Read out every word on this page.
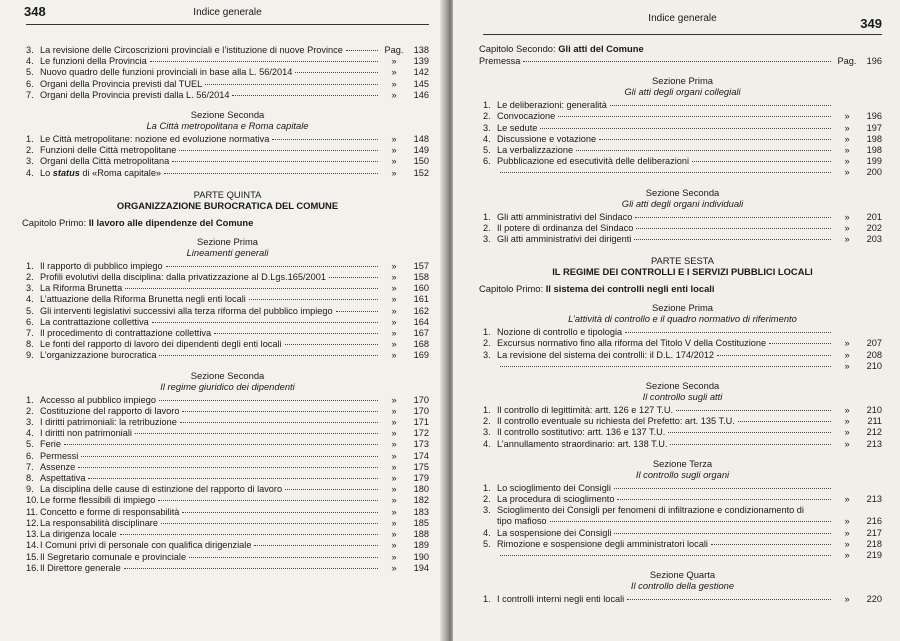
348	Indice generale
3. La revisione delle Circoscrizioni provinciali e l’istituzione di nuove Province	Pag.	138
4. Le funzioni della Provincia	»	139
5. Nuovo quadro delle funzioni provinciali in base alla L. 56/2014	»	142
6. Organi della Provincia previsti dal TUEL	»	145
7. Organi della Provincia previsti dalla L. 56/2014	»	146
Sezione Seconda
La Città metropolitana e Roma capitale
1. Le Città metropolitane: nozione ed evoluzione normativa	»	148
2. Funzioni delle Città metropolitane	»	149
3. Organi della Città metropolitana	»	150
4. Lo status di «Roma capitale»	»	152
PARTE QUINTA
ORGANIZZAZIONE BUROCRATICA DEL COMUNE
Capitolo Primo: Il lavoro alle dipendenze del Comune
Sezione Prima
Lineamenti generali
1. Il rapporto di pubblico impiego	»	157
2. Profili evolutivi della disciplina: dalla privatizzazione al D.Lgs.165/2001	»	158
3. La Riforma Brunetta	»	160
4. L’attuazione della Riforma Brunetta negli enti locali	»	161
5. Gli interventi legislativi successivi alla terza riforma del pubblico impiego	»	162
6. La contrattazione collettiva	»	164
7. Il procedimento di contrattazione collettiva	»	167
8. Le fonti del rapporto di lavoro dei dipendenti degli enti locali	»	168
9. L’organizzazione burocratica	»	169
Sezione Seconda
Il regime giuridico dei dipendenti
1. Accesso al pubblico impiego	»	170
2. Costituzione del rapporto di lavoro	»	170
3. I diritti patrimoniali: la retribuzione	»	171
4. I diritti non patrimoniali	»	172
5. Ferie	»	173
6. Permessi	»	174
7. Assenze	»	175
8. Aspettativa	»	179
9. La disciplina delle cause di estinzione del rapporto di lavoro	»	180
10. Le forme flessibili di impiego	»	182
11. Concetto e forme di responsabilità	»	183
12. La responsabilità disciplinare	»	185
13. La dirigenza locale	»	188
14. I Comuni privi di personale con qualifica dirigenziale	»	189
15. Il Segretario comunale e provinciale	»	190
16. Il Direttore generale	»	194
Indice generale	349
Capitolo Secondo: Gli atti del Comune
Premessa	Pag.	196
Sezione Prima
Gli atti degli organi collegiali
1. Le deliberazioni: generalità
2. Convocazione	»	196
3. Le sedute	»	197
4. Discussione e votazione	»	198
5. La verbalizzazione	»	198
6. Pubblicazione ed esecutività delle deliberazioni	»	199
»	200
Sezione Seconda
Gli atti degli organi individuali
1. Gli atti amministrativi del Sindaco	»	201
2. Il potere di ordinanza del Sindaco	»	202
3. Gli atti amministrativi dei dirigenti	»	203
PARTE SESTA
IL REGIME DEI CONTROLLI E I SERVIZI PUBBLICI LOCALI
Capitolo Primo: Il sistema dei controlli negli enti locali
Sezione Prima
L’attività di controllo e il quadro normativo di riferimento
1. Nozione di controllo e tipologia
2. Excursus normativo fino alla riforma del Titolo V della Costituzione	»	207
3. La revisione del sistema dei controlli: il D.L. 174/2012	»	208
»	210
Sezione Seconda
Il controllo sugli atti
1. Il controllo di legittimità: artt. 126 e 127 T.U.	»	210
2. Il controllo eventuale su richiesta del Prefetto: art. 135 T.U.	»	211
3. Il controllo sostitutivo: artt. 136 e 137 T.U.	»	212
4. L’annullamento straordinario: art. 138 T.U.	»	213
Sezione Terza
Il controllo sugli organi
1. Lo scioglimento dei Consigli
2. La procedura di scioglimento	»	213
3. Scioglimento dei Consigli per fenomeni di infiltrazione e condizionamento di
tipo mafioso	»	216
4. La sospensione dei Consigli	»	217
5. Rimozione e sospensione degli amministratori locali	»	218
»	219
Sezione Quarta
Il controllo della gestione
1. I controlli interni negli enti locali	»	220
